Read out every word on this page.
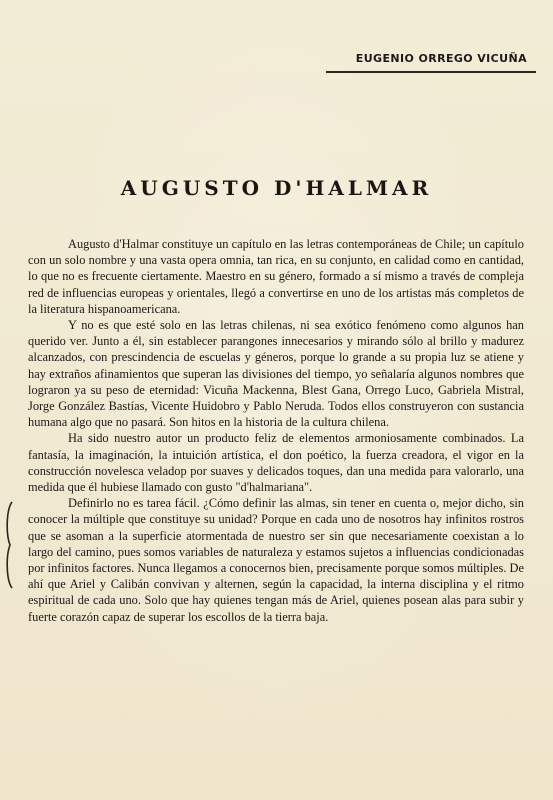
EUGENIO ORREGO VICUÑA
AUGUSTO D'HALMAR

Augusto d'Halmar constituye un capítulo en las letras contemporáneas de Chile; un capítulo con un solo nombre y una vasta opera omnia, tan rica, en su conjunto, en calidad como en cantidad, lo que no es frecuente ciertamente. Maestro en su género, formado a sí mismo a través de compleja red de influencias europeas y orientales, llegó a convertirse en uno de los artistas más completos de la literatura hispanoamericana.

Y no es que esté solo en las letras chilenas, ni sea exótico fenómeno como algunos han querido ver. Junto a él, sin establecer parangones innecesarios y mirando sólo al brillo y madurez alcanzados, con prescindencia de escuelas y géneros, porque lo grande a su propia luz se atiene y hay extraños afinamientos que superan las divisiones del tiempo, yo señalaría algunos nombres que lograron ya su peso de eternidad: Vicuña Mackenna, Blest Gana, Orrego Luco, Gabriela Mistral, Jorge González Bastías, Vicente Huidobro y Pablo Neruda. Todos ellos construyeron con sustancia humana algo que no pasará. Son hitos en la historia de la cultura chilena.

Ha sido nuestro autor un producto feliz de elementos armoniosamente combinados. La fantasía, la imaginación, la intuición artística, el don poético, la fuerza creadora, el vigor en la construcción novelesca veladop por suaves y delicados toques, dan una medida para valorarlo, una medida que él hubiese llamado con gusto "d'halmariana".

Definirlo no es tarea fácil. ¿Cómo definir las almas, sin tener en cuenta o, mejor dicho, sin conocer la múltiple que constituye su unidad? Porque en cada uno de nosotros hay infinitos rostros que se asoman a la superficie atormentada de nuestro ser sin que necesariamente coexistan a lo largo del camino, pues somos variables de naturaleza y estamos sujetos a influencias condicionadas por infinitos factores. Nunca llegamos a conocernos bien, precisamente porque somos múltiples. De ahí que Ariel y Calibán convivan y alternen, según la capacidad, la interna disciplina y el ritmo espiritual de cada uno. Solo que hay quienes tengan más de Ariel, quienes posean alas para subir y fuerte corazón capaz de superar los escollos de la tierra baja.
